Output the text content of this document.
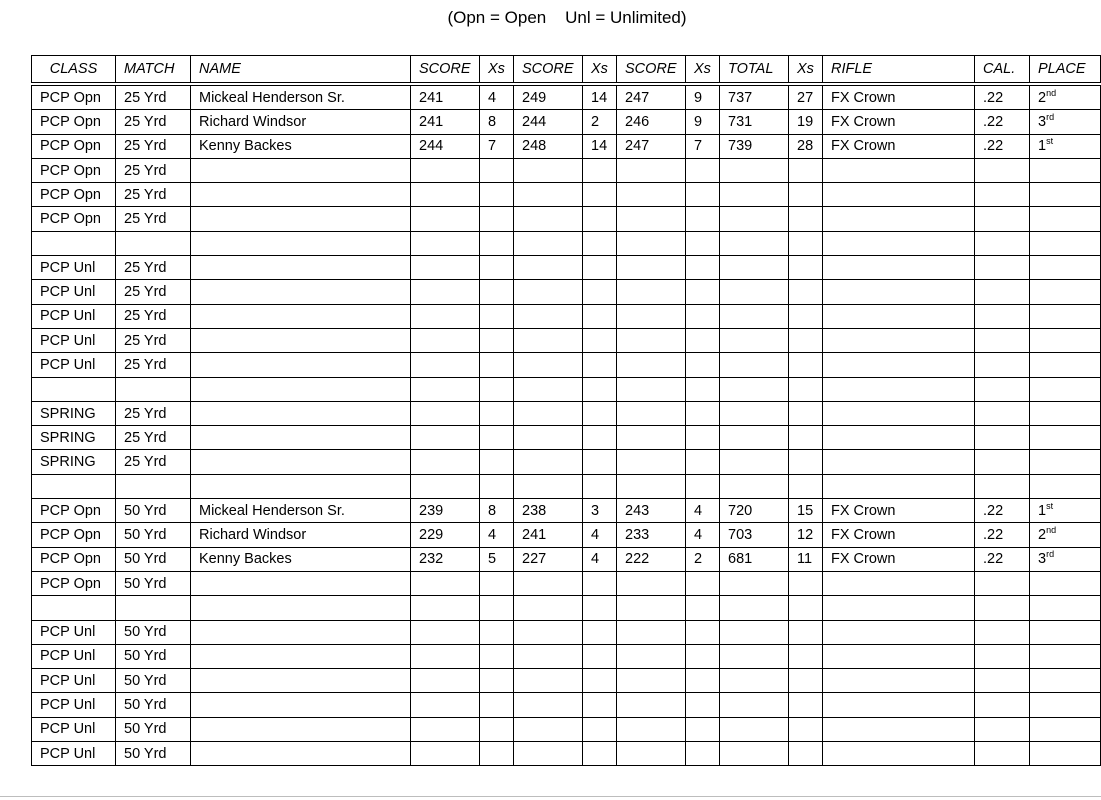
(Opn = Open    Unl = Unlimited)
CLASS	MATCH	NAME	SCORE	Xs	SCORE	Xs	SCORE	Xs	TOTAL	Xs	RIFLE	CAL.	PLACE
PCP Opn	25 Yrd	Mickeal Henderson Sr.	241	4	249	14	247	9	737	27	FX Crown	.22	2nd
PCP Opn	25 Yrd	Richard Windsor	241	8	244	2	246	9	731	19	FX Crown	.22	3rd
PCP Opn	25 Yrd	Kenny Backes	244	7	248	14	247	7	739	28	FX Crown	.22	1st
PCP Opn	25 Yrd												
PCP Opn	25 Yrd												
PCP Opn	25 Yrd												

PCP Unl	25 Yrd												
PCP Unl	25 Yrd												
PCP Unl	25 Yrd												
PCP Unl	25 Yrd												
PCP Unl	25 Yrd												

SPRING	25 Yrd												
SPRING	25 Yrd												
SPRING	25 Yrd												

PCP Opn	50 Yrd	Mickeal Henderson Sr.	239	8	238	3	243	4	720	15	FX Crown	.22	1st
PCP Opn	50 Yrd	Richard Windsor	229	4	241	4	233	4	703	12	FX Crown	.22	2nd
PCP Opn	50 Yrd	Kenny Backes	232	5	227	4	222	2	681	11	FX Crown	.22	3rd
PCP Opn	50 Yrd												

PCP Unl	50 Yrd												
PCP Unl	50 Yrd												
PCP Unl	50 Yrd												
PCP Unl	50 Yrd												
PCP Unl	50 Yrd												
PCP Unl	50 Yrd												
